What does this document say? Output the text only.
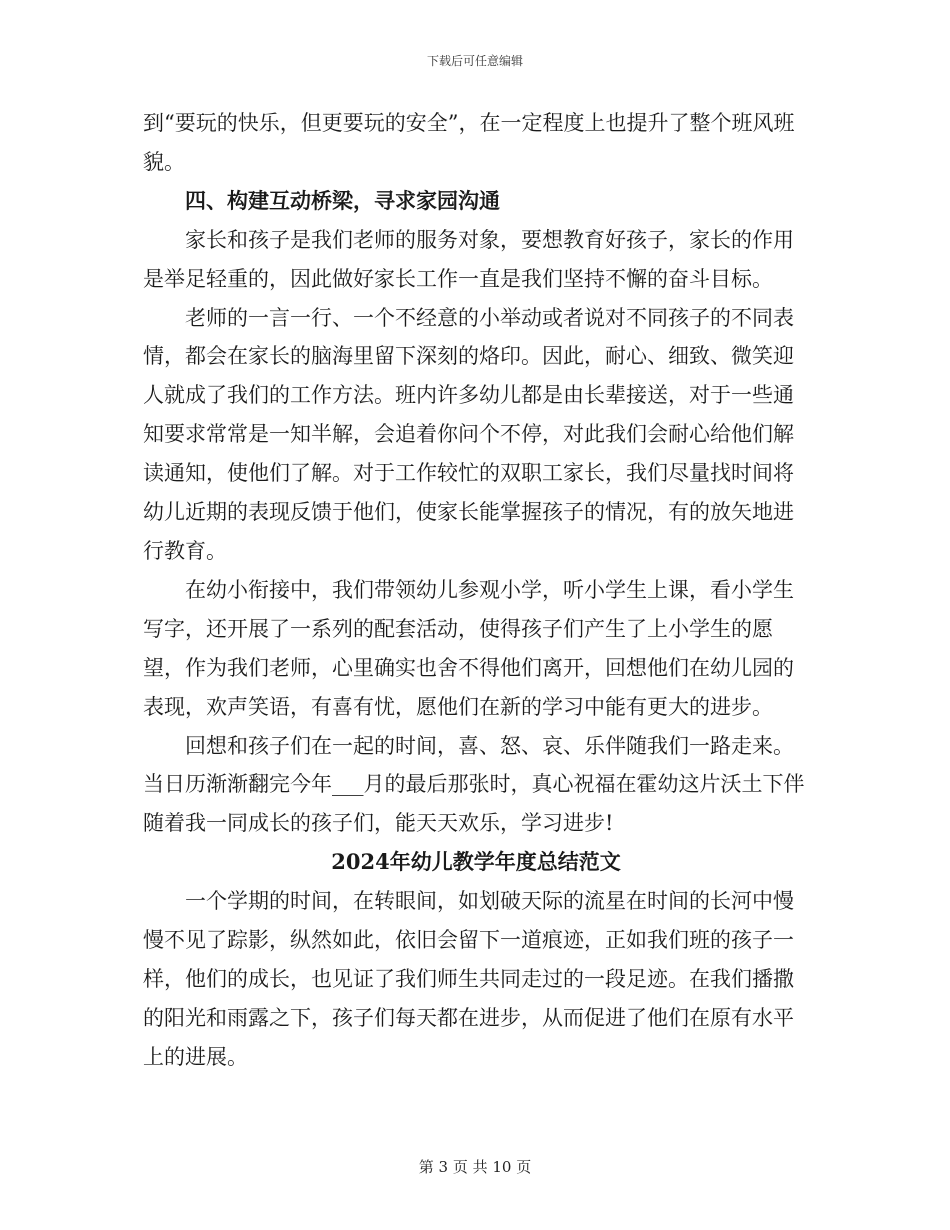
下载后可任意编辑

到“要玩的快乐，但更要玩的安全”，在一定程度上也提升了整个班风班貌。

四、构建互动桥梁，寻求家园沟通

家长和孩子是我们老师的服务对象，要想教育好孩子，家长的作用是举足轻重的，因此做好家长工作一直是我们坚持不懈的奋斗目标。

老师的一言一行、一个不经意的小举动或者说对不同孩子的不同表情，都会在家长的脑海里留下深刻的烙印。因此，耐心、细致、微笑迎人就成了我们的工作方法。班内许多幼儿都是由长辈接送，对于一些通知要求常常是一知半解，会追着你问个不停，对此我们会耐心给他们解读通知，使他们了解。对于工作较忙的双职工家长，我们尽量找时间将幼儿近期的表现反馈于他们，使家长能掌握孩子的情况，有的放矢地进行教育。

在幼小衔接中，我们带领幼儿参观小学，听小学生上课，看小学生写字，还开展了一系列的配套活动，使得孩子们产生了上小学生的愿望，作为我们老师，心里确实也舍不得他们离开，回想他们在幼儿园的表现，欢声笑语，有喜有忧，愿他们在新的学习中能有更大的进步。

回想和孩子们在一起的时间，喜、怒、哀、乐伴随我们一路走来。当日历渐渐翻完今年___月的最后那张时，真心祝福在霍幼这片沃土下伴随着我一同成长的孩子们，能天天欢乐，学习进步!

2024年幼儿教学年度总结范文

一个学期的时间，在转眼间，如划破天际的流星在时间的长河中慢慢不见了踪影，纵然如此，依旧会留下一道痕迹，正如我们班的孩子一样，他们的成长，也见证了我们师生共同走过的一段足迹。在我们播撒的阳光和雨露之下，孩子们每天都在进步，从而促进了他们在原有水平上的进展。

第 3 页 共 10 页
